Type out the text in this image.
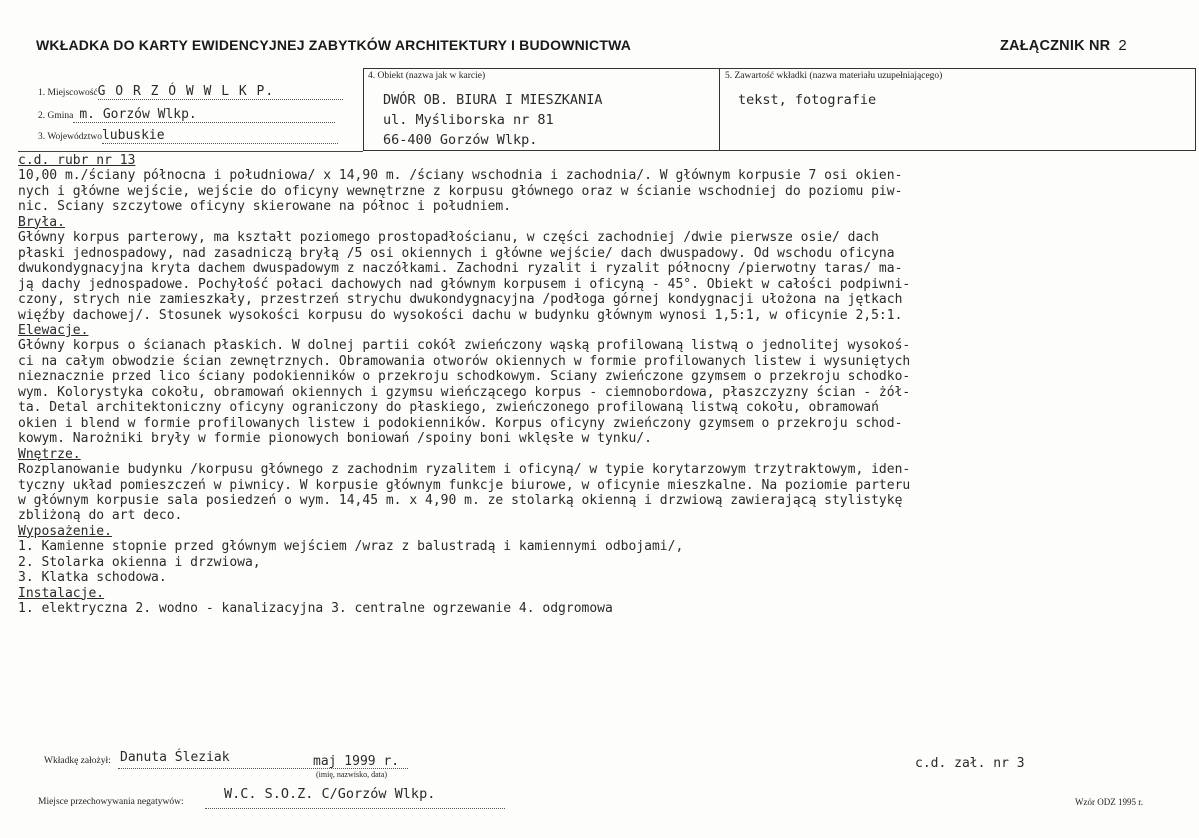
WKŁADKA DO KARTY EWIDENCYJNEJ ZABYTKÓW ARCHITEKTURY I BUDOWNICTWA	ZAŁĄCZNIK NR 2
1. MiejscowośćG O R Z Ó W W L K P.
2. Gmina m. Gorzów Wlkp.
3. Województwolubuskie
4. Obiekt (nazwa jak w karcie)
DWÓR OB. BIURA I MIESZKANIA
ul. Myśliborska nr 81
66-400 Gorzów Wlkp.
5. Zawartość wkładki (nazwa materiału uzupełniającego)
tekst, fotografie
c.d. rubr nr 13
10,00 m./ściany północna i południowa/ x 14,90 m. /ściany wschodnia i zachodnia/. W głównym korpusie 7 osi okien-
nych i główne wejście, wejście do oficyny wewnętrzne z korpusu głównego oraz w ścianie wschodniej do poziomu piw-
nic. Ściany szczytowe oficyny skierowane na północ i południem.
Bryła.
Główny korpus parterowy, ma kształt poziomego prostopadłościanu, w części zachodniej /dwie pierwsze osie/ dach
płaski jednospadowy, nad zasadniczą bryłą /5 osi okiennych i główne wejście/ dach dwuspadowy. Od wschodu oficyna
dwukondygnacyjna kryta dachem dwuspadowym z naczółkami. Zachodni ryzalit i ryzalit północny /pierwotny taras/ ma-
ją dachy jednospadowe. Pochyłość połaci dachowych nad głównym korpusem i oficyną - 45°. Obiekt w całości podpiwni-
czony, strych nie zamieszkały, przestrzeń strychu dwukondygnacyjna /podłoga górnej kondygnacji ułożona na jętkach
więźby dachowej/. Stosunek wysokości korpusu do wysokości dachu w budynku głównym wynosi 1,5:1, w oficynie 2,5:1.
Elewacje.
Główny korpus o ścianach płaskich. W dolnej partii cokół zwieńczony wąską profilowaną listwą o jednolitej wysokoś-
ci na całym obwodzie ścian zewnętrznych. Obramowania otworów okiennych w formie profilowanych listew i wysuniętych
nieznacznie przed lico ściany podokienników o przekroju schodkowym. Ściany zwieńczone gzymsem o przekroju schodko-
wym. Kolorystyka cokołu, obramowań okiennych i gzymsu wieńczącego korpus - ciemnobordowa, płaszczyzny ścian - żół-
ta. Detal architektoniczny oficyny ograniczony do płaskiego, zwieńczonego profilowaną listwą cokołu, obramowań
okien i blend w formie profilowanych listew i podokienników. Korpus oficyny zwieńczony gzymsem o przekroju schod-
kowym. Narożniki bryły w formie pionowych boniowań /spoiny boni wklęsłe w tynku/.
Wnętrze.
Rozplanowanie budynku /korpusu głównego z zachodnim ryzalitem i oficyną/ w typie korytarzowym trzytraktowym, iden-
tyczny układ pomieszczeń w piwnicy. W korpusie głównym funkcje biurowe, w oficynie mieszkalne. Na poziomie parteru
w głównym korpusie sala posiedzeń o wym. 14,45 m. x 4,90 m. ze stolarką okienną i drzwiową zawierającą stylistykę
zbliżoną do art deco.
Wyposażenie.
1. Kamienne stopnie przed głównym wejściem /wraz z balustradą i kamiennymi odbojami/,
2. Stolarka okienna i drzwiowa,
3. Klatka schodowa.
Instalacje.
1. elektryczna 2. wodno - kanalizacyjna 3. centralne ogrzewanie 4. odgromowa
Wkładkę założył: Danuta Śleziak	maj 1999 r.
(imię, nazwisko, data)
c.d. zał. nr 3
Miejsce przechowywania negatywów:	W.C. S.O.Z. C/Gorzów Wlkp.	Wzór ODZ 1995 r.
